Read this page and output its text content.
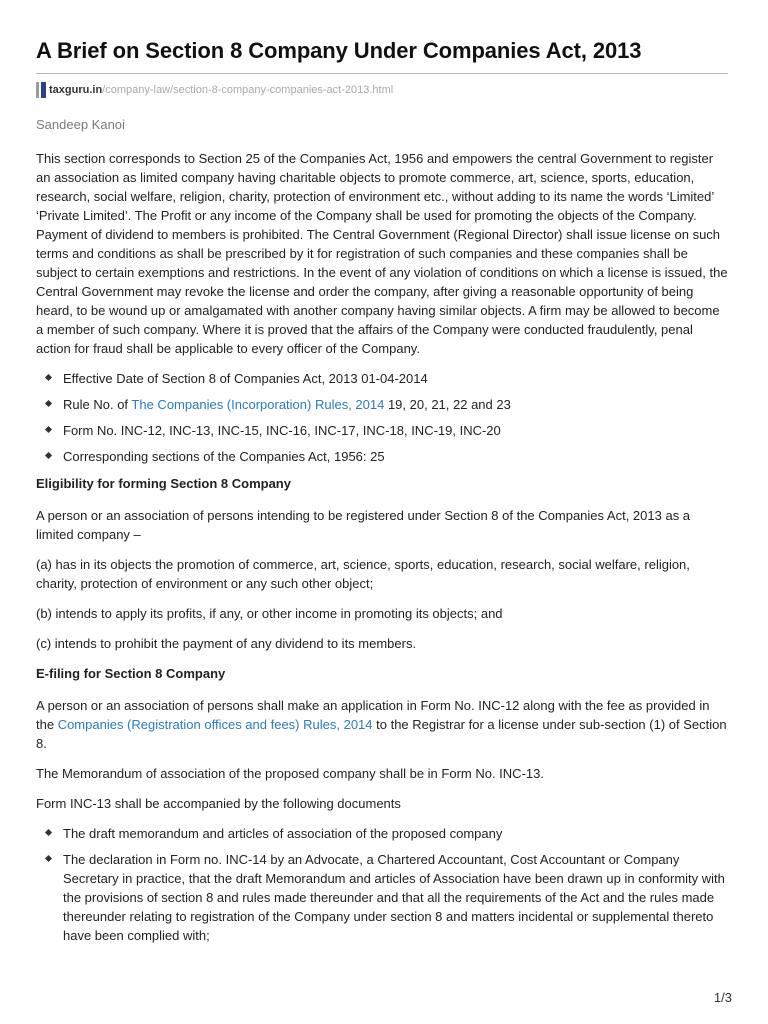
A Brief on Section 8 Company Under Companies Act, 2013
taxguru.in /company-law/section-8-company-companies-act-2013.html
Sandeep Kanoi

This section corresponds to Section 25 of the Companies Act, 1956 and empowers the central Government to register an association as limited company having charitable objects to promote commerce, art, science, sports, education, research, social welfare, religion, charity, protection of environment etc., without adding to its name the words ‘Limited’ ‘Private Limited’. The Profit or any income of the Company shall be used for promoting the objects of the Company. Payment of dividend to members is prohibited. The Central Government (Regional Director) shall issue license on such terms and conditions as shall be prescribed by it for registration of such companies and these companies shall be subject to certain exemptions and restrictions. In the event of any violation of conditions on which a license is issued, the Central Government may revoke the license and order the company, after giving a reasonable opportunity of being heard, to be wound up or amalgamated with another company having similar objects. A firm may be allowed to become a member of such company. Where it is proved that the affairs of the Company were conducted fraudulently, penal action for fraud shall be applicable to every officer of the Company.

Effective Date of Section 8 of Companies Act, 2013 01-04-2014
Rule No. of The Companies (Incorporation) Rules, 2014 19, 20, 21, 22 and 23
Form No. INC-12, INC-13, INC-15, INC-16, INC-17, INC-18, INC-19, INC-20
Corresponding sections of the Companies Act, 1956: 25

Eligibility for forming Section 8 Company

A person or an association of persons intending to be registered under Section 8 of the Companies Act, 2013 as a limited company –

(a) has in its objects the promotion of commerce, art, science, sports, education, research, social welfare, religion, charity, protection of environment or any such other object;

(b) intends to apply its profits, if any, or other income in promoting its objects; and

(c) intends to prohibit the payment of any dividend to its members.

E-filing for Section 8 Company

A person or an association of persons shall make an application in Form No. INC-12 along with the fee as provided in the Companies (Registration offices and fees) Rules, 2014 to the Registrar for a license under sub-section (1) of Section 8.

The Memorandum of association of the proposed company shall be in Form No. INC-13.

Form INC-13 shall be accompanied by the following documents

The draft memorandum and articles of association of the proposed company
The declaration in Form no. INC-14 by an Advocate, a Chartered Accountant, Cost Accountant or Company Secretary in practice, that the draft Memorandum and articles of Association have been drawn up in conformity with the provisions of section 8 and rules made thereunder and that all the requirements of the Act and the rules made thereunder relating to registration of the Company under section 8 and matters incidental or supplemental thereto have been complied with;
1/3
